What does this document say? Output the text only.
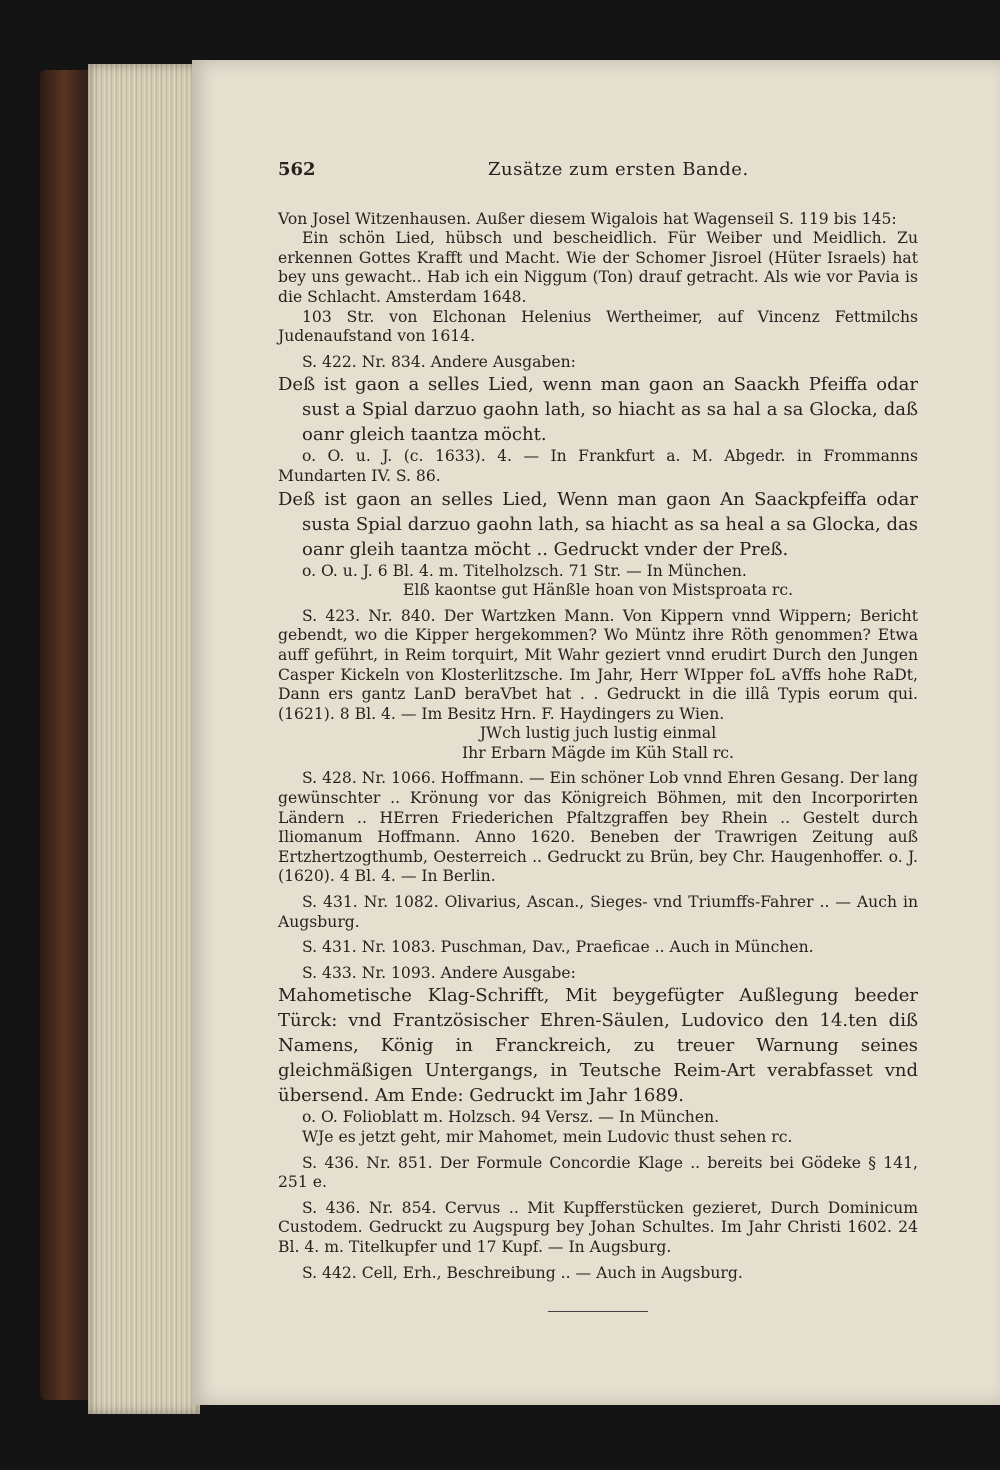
562	Zusätze zum ersten Bande.

Von Josel Witzenhausen. Außer diesem Wigalois hat Wagenseil S. 119 bis 145:

Ein schön Lied, hübsch und bescheidlich. Für Weiber und Meidlich. Zu erkennen Gottes Krafft und Macht. Wie der Schomer Jisroel (Hüter Israels) hat bey uns gewacht.. Hab ich ein Niggum (Ton) drauf getracht. Als wie vor Pavia is die Schlacht. Amsterdam 1648.

103 Str. von Elchonan Helenius Wertheimer, auf Vincenz Fettmilchs Judenaufstand von 1614.

S. 422. Nr. 834. Andere Ausgaben:

Deß ist gaon a selles Lied, wenn man gaon an Saackh Pfeiffa odar sust a Spial darzuo gaohn lath, so hiacht as sa hal a sa Glocka, daß oanr gleich taantza möcht.

o. O. u. J. (c. 1633). 4. — In Frankfurt a. M. Abgedr. in Frommanns Mundarten IV. S. 86.

Deß ist gaon an selles Lied, Wenn man gaon An Saackpfeiffa odar susta Spial darzuo gaohn lath, sa hiacht as sa heal a sa Glocka, das oanr gleih taantza möcht .. Gedruckt vnder der Preß.

o. O. u. J. 6 Bl. 4. m. Titelholzsch. 71 Str. — In München.

Elß kaontse gut Hänßle hoan von Mistsproata rc.

S. 423. Nr. 840. Der Wartzken Mann. Von Kippern vnnd Wippern; Bericht gebendt, wo die Kipper hergekommen? Wo Müntz ihre Röth genommen? Etwa auff geführt, in Reim torquirt, Mit Wahr geziert vnnd erudirt Durch den Jungen Casper Kickeln von Klosterlitzsche. Im Jahr, Herr WIpper foL aVffs hohe RaDt, Dann ers gantz LanD beraVbet hat . . Gedruckt in die illâ Typis eorum qui. (1621). 8 Bl. 4. — Im Besitz Hrn. F. Haydingers zu Wien.

JWch lustig juch lustig einmal

Ihr Erbarn Mägde im Küh Stall rc.

S. 428. Nr. 1066. Hoffmann. — Ein schöner Lob vnnd Ehren Gesang. Der lang gewünschter .. Krönung vor das Königreich Böhmen, mit den Incorporirten Ländern .. HErren Friederichen Pfaltzgraffen bey Rhein .. Gestelt durch Iliomanum Hoffmann. Anno 1620. Beneben der Trawrigen Zeitung auß Ertzhertzogthumb, Oesterreich .. Gedruckt zu Brün, bey Chr. Haugenhoffer. o. J. (1620). 4 Bl. 4. — In Berlin.

S. 431. Nr. 1082. Olivarius, Ascan., Sieges- vnd Triumffs-Fahrer .. — Auch in Augsburg.

S. 431. Nr. 1083. Puschman, Dav., Praeficae .. Auch in München.

S. 433. Nr. 1093. Andere Ausgabe:

Mahometische Klag-Schrifft, Mit beygefügter Außlegung beeder Türck: vnd Frantzösischer Ehren-Säulen, Ludovico den 14.ten diß Namens, König in Franckreich, zu treuer Warnung seines gleichmäßigen Untergangs, in Teutsche Reim-Art verabfasset vnd übersend. Am Ende: Gedruckt im Jahr 1689.

o. O. Folioblatt m. Holzsch. 94 Versz. — In München.

WJe es jetzt geht, mir Mahomet, mein Ludovic thust sehen rc.

S. 436. Nr. 851. Der Formule Concordie Klage .. bereits bei Gödeke § 141, 251 e.

S. 436. Nr. 854. Cervus .. Mit Kupfferstücken gezieret, Durch Dominicum Custodem. Gedruckt zu Augspurg bey Johan Schultes. Im Jahr Christi 1602. 24 Bl. 4. m. Titelkupfer und 17 Kupf. — In Augsburg.

S. 442. Cell, Erh., Beschreibung .. — Auch in Augsburg.
